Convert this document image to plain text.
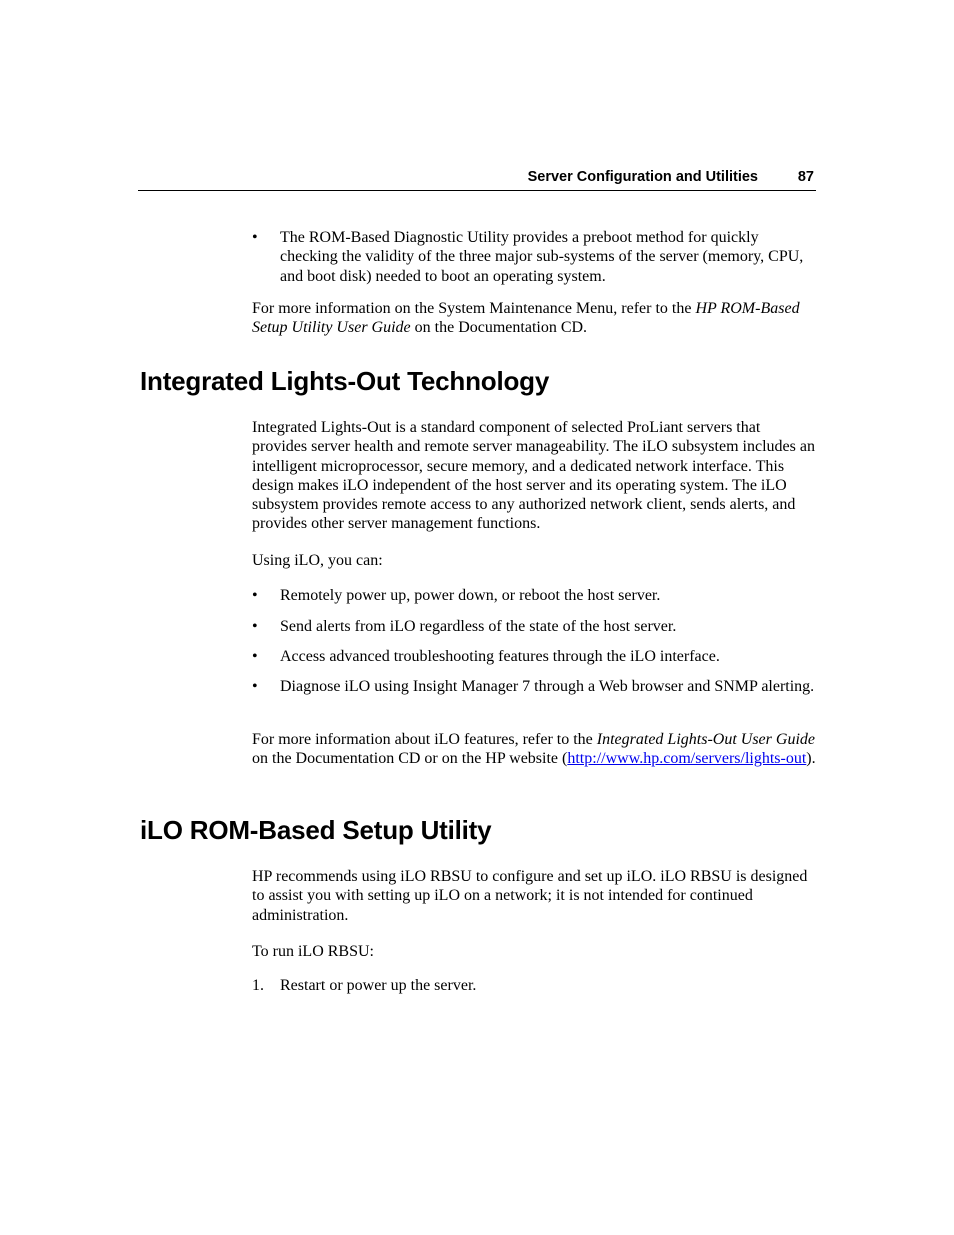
Server Configuration and Utilities	87
•	The ROM-Based Diagnostic Utility provides a preboot method for quickly checking the validity of the three major sub-systems of the server (memory, CPU, and boot disk) needed to boot an operating system.
For more information on the System Maintenance Menu, refer to the HP ROM-Based Setup Utility User Guide on the Documentation CD.
Integrated Lights-Out Technology
Integrated Lights-Out is a standard component of selected ProLiant servers that provides server health and remote server manageability. The iLO subsystem includes an intelligent microprocessor, secure memory, and a dedicated network interface. This design makes iLO independent of the host server and its operating system. The iLO subsystem provides remote access to any authorized network client, sends alerts, and provides other server management functions.
Using iLO, you can:
•	Remotely power up, power down, or reboot the host server.
•	Send alerts from iLO regardless of the state of the host server.
•	Access advanced troubleshooting features through the iLO interface.
•	Diagnose iLO using Insight Manager 7 through a Web browser and SNMP alerting.
For more information about iLO features, refer to the Integrated Lights-Out User Guide on the Documentation CD or on the HP website (http://www.hp.com/servers/lights-out).
iLO ROM-Based Setup Utility
HP recommends using iLO RBSU to configure and set up iLO. iLO RBSU is designed to assist you with setting up iLO on a network; it is not intended for continued administration.
To run iLO RBSU:
1. Restart or power up the server.
